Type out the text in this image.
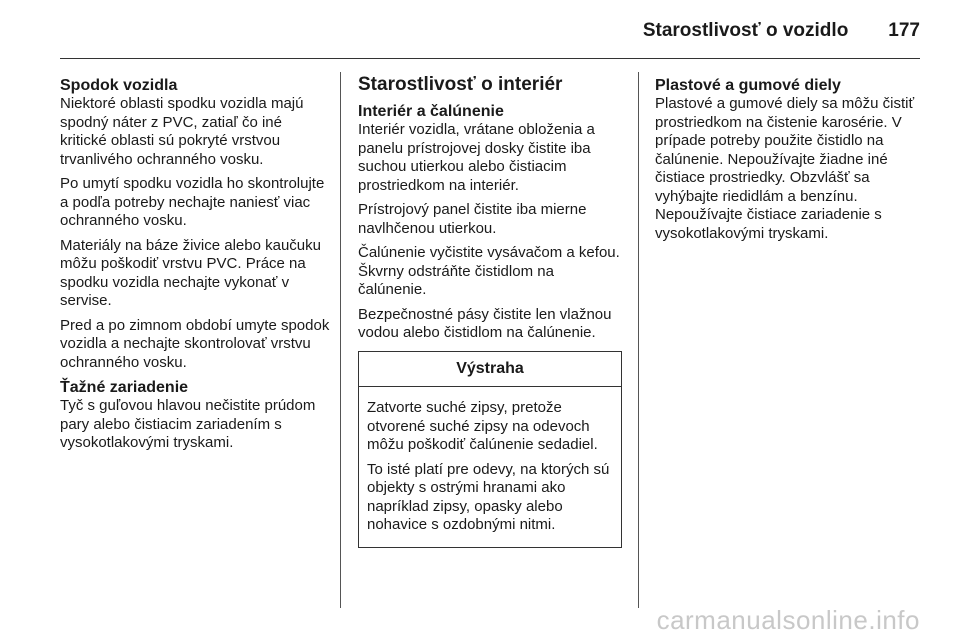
Starostlivosť o vozidlo 177
Spodok vozidla

Niektoré oblasti spodku vozidla majú spodný náter z PVC, zatiaľ čo iné kritické oblasti sú pokryté vrstvou trvanlivého ochranného vosku.

Po umytí spodku vozidla ho skontrolujte a podľa potreby nechajte naniesť viac ochranného vosku.

Materiály na báze živice alebo kaučuku môžu poškodiť vrstvu PVC. Práce na spodku vozidla nechajte vykonať v servise.

Pred a po zimnom období umyte spodok vozidla a nechajte skontrolovať vrstvu ochranného vosku.

Ťažné zariadenie

Tyč s guľovou hlavou nečistite prúdom pary alebo čistiacim zariadením s vysokotlakovými tryskami.

Starostlivosť o interiér
Interiér a čalúnenie

Interiér vozidla, vrátane obloženia a panelu prístrojovej dosky čistite iba suchou utierkou alebo čistiacim prostriedkom na interiér.

Prístrojový panel čistite iba mierne navlhčenou utierkou.

Čalúnenie vyčistite vysávačom a kefou. Škvrny odstráňte čistidlom na čalúnenie.

Bezpečnostné pásy čistite len vlažnou vodou alebo čistidlom na čalúnenie.

Výstraha

Zatvorte suché zipsy, pretože otvorené suché zipsy na odevoch môžu poškodiť čalúnenie sedadiel.

To isté platí pre odevy, na ktorých sú objekty s ostrými hranami ako napríklad zipsy, opasky alebo nohavice s ozdobnými nitmi.

Plastové a gumové diely

Plastové a gumové diely sa môžu čistiť prostriedkom na čistenie karosérie. V prípade potreby použite čistidlo na čalúnenie. Nepoužívajte žiadne iné čistiace prostriedky. Obzvlášť sa vyhýbajte riedidlám a benzínu. Nepoužívajte čistiace zariadenie s vysokotlakovými tryskami.

carmanualsonline.info
